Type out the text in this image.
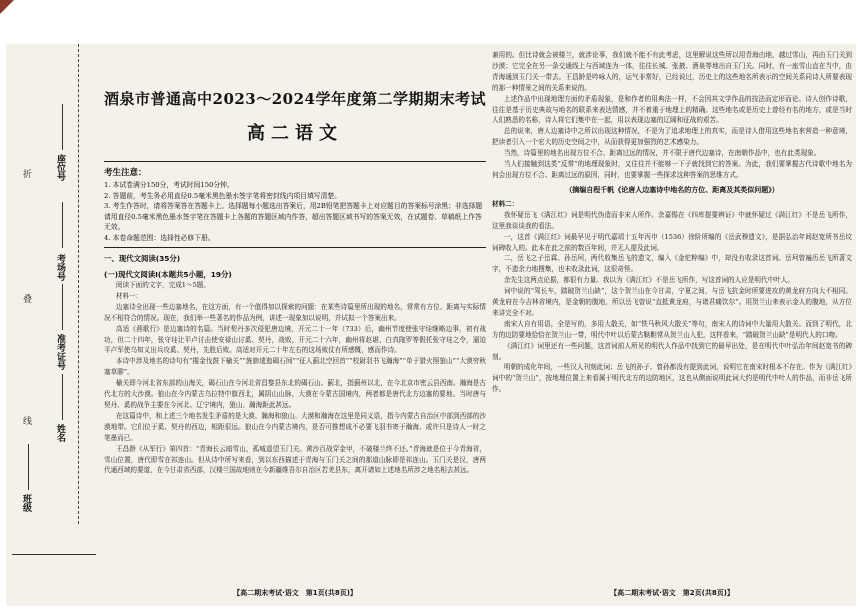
折
叠
线
座位号
考场号
准考证号
姓名
班级
酒泉市普通高中2023～2024学年度第二学期期末考试
高二语文
考生注意：

1. 本试卷满分150分，考试时间150分钟。

2. 答题前，考生务必用直径0.5毫米黑色墨水签字笔将密封线内项目填写清楚。

3. 考生作答时，请将答案答在答题卡上。选择题每小题选出答案后，用2B铅笔把答题卡上对应题目的答案标号涂黑；非选择题请用直径0.5毫米黑色墨水签字笔在答题卡上各题的答题区域内作答，超出答题区域书写的答案无效，在试题卷、草稿纸上作答无效。

4. 本卷命题范围：选择性必修下册。

一、现代文阅读(35分)
(一)现代文阅读Ⅰ(本题共5小题，19分)

阅读下面的文字，完成1～5题。

材料一：

边塞诗全出现一些边塞地名，在这方面，有一个值得加以探索的问题：在某些诗篇里所出现的地名，常常有方位、距离与实际情况不相符合的情况。现在，我们举一些著名的作品为例，讲述一现象加以说明，并试拟一个答案出来。

高适《燕歌行》是边塞诗的名篇。当时契丹多次侵犯唐边境，开元二十一年（733）后，幽州节度使张守珪继略边事，初有战功，但二十四年，张守珪让平卢讨击使安禄山讨奚、契丹，战败，开元二十六年，幽州将赵堪、白真陁罗等假托张守珪之令，逼迫平卢军使乌知义出兵攻奚、契丹，先胜后败。高适对开元二十年左右的这场败仗有所感慨，感而作诗。

本诗中涉及地名的诗句有“摐金伐鼓下榆关”“旌旆逶迤碣石间”“征人蓟北空回首”“校尉羽书飞瀚海”“单于猎火照狼山”“大漠穷秋塞草腓”。

榆关即今河北省东部的山海关，碣石山在今河北省昌黎县东北的碣石山。蓟北，指蓟州以北，在今北京市密云县西南。瀚海是古代北方的大沙漠。狼山在今内蒙古乌拉特中旗西北，属阴山山脉，大漠在今蒙古国境内，两者都是唐代北方边塞的要地。当时唐与契丹、奚的战争主要在今河北、辽宁境内，狼山、瀚海距此甚远。

在这篇诗中，和上述三个地名发生矛盾的是大漠、瀚海和狼山。大漠和瀚海在这里是同义语，指今内蒙古自治区中部到西部的沙漠地带。它们位于奚、契丹的西边，相距很远。狼山在今内蒙古境内，是否可推想成不必要飞羽书寄于瀚海、或许只是诗人一时之笔墨而已。

王昌龄《从军行》第四首：“青海长云暗雪山，孤城遥望玉门关。黄沙百战穿金甲，不破楼兰终不还。”青海就是位于今青海省，雪山位置，唐代即雪在祁连山。但从诗中所写来看，到以东西描述于青海与玉门关之间的那道山脉即是祁连山。玉门关是汉，唐两代通西域的要道，在今甘肃省西部，汉楼兰国故地则在今新疆维吾尔自治区若羌县东，离开诸如上述地名所涉之地名相去甚远。

【高二期末考试·语文　第1页(共8页)】

兼用的。但比诗就会被楼兰，就涉论事，我们就不能不有此考虑，这里解说这些所以用青海由地，越过雪山，再由玉门关到沙漠；它完全在另一条交通线上与西域连为一体，往往长城、张掖、酒泉等地出自玉门关。同时，有一座雪山直在当中，由青海通到玉门关一带去。王昌龄是吟咏人的，运气非常好，已经说过，历史上的这些地名所表示的空间关系同诗人所要表现的那一种情景之间的关系来说的。

上述作品中出现地理方面的矛盾现象，是和作者的用典法一样，不会因其文学作品的技法而定形而论。诗人创作诗歌，往往是基于历史典故与地名的联系来表达情感，并不着重于地理上的精确。这些地名或是历史上曾经有名的地方，或是当时人们熟悉的名称，诗人将它们集中在一起，用以表现边塞的辽阔和征战的艰苦。

总的说来，唐人边塞诗中之所以出现这种情况，不是为了追求地理上的真实，而是诗人借用这些地名来营造一种意境，把读者引入一个宏大的历史空间之中，从而获得更加强烈的艺术感染力。

当然，诗篇里的地名出现方位不合、距离过远的情况，并不限于唐代边塞诗，在南朝作品中，也有此类现象。

当人们接触到这类“反常”的地理现象时，又往往并不能够一下子就找到它的答案。为此，我们要掌握古代诗歌中地名为何会出现方位不合、距离过远的原因，同时，也要掌握一些探求这种答案的思维方式。

（摘编自程千帆《论唐人边塞诗中地名的方位、距离及其类似问题》）

材料二：

我怀疑岳飞《满江红》词是明代伪造而非宋人所作。余嘉锡在《四库提要辨证》中就怀疑过《满江红》不是岳飞所作，这里我谈谈我的看法。

一，这首《满江红》词最早见于明代嘉靖十五年丙申（1536）徐阶所编的《岳武穆遗文》，是据弘治年间赵宽所书岳坟词碑收入的。此本在此之前的数百年间，并无人提及此词。

二，岳飞之子岳霖、孙岳珂，两代收集岳飞的遗文，编入《金佗粹编》中，却没有收录这首词。岳珂曾遍历岳飞所著文字，不遗余力地搜集，也未收录此词，这很奇怪。

余先生这两点论据，都很有力量。我以为《满江红》不是岳飞所作，写这首词的人应是明代中叶人。

词中说的“驾长车，踏破贺兰山缺”，这个贺兰山在今甘肃，宁夏之间，与岳飞抗金时所要进攻的黄龙府方向大不相同。黄龙府在今吉林省境内，是金朝的腹地，所以岳飞曾说“直抵黄龙府，与诸君痛饮尔”。用贺兰山来表示金人的腹地，从方位来讲完全不对。

南宋人自有用语，全是写的，多用大散关，如“铁马秋风大散关”等句，南宋人的诗词中大量用大散关。而到了明代，北方的边防要地恰恰在贺兰山一带，明代中叶以后蒙古鞑靼常从贺兰山入犯，这样看来，“踏破贺兰山缺”是明代人的口吻。

《满江红》词里还有一些问题，这首词前人所见的明代人作品中找到它的最早出处，是在明代中叶弘治年间赵宽书的碑刻。

明朝的成化年间，一些汉人刊刻此词；岳飞的孙子、曾孙都没有提到此词，说明它在南宋时根本不存在。作为《满江红》词中的“贺兰山”，按地理位置上来看属于明代北方的边防地区，这也从侧面说明此词大约是明代中叶人的作品，而非岳飞所作。

【高二期末考试·语文　第2页(共8页)】
